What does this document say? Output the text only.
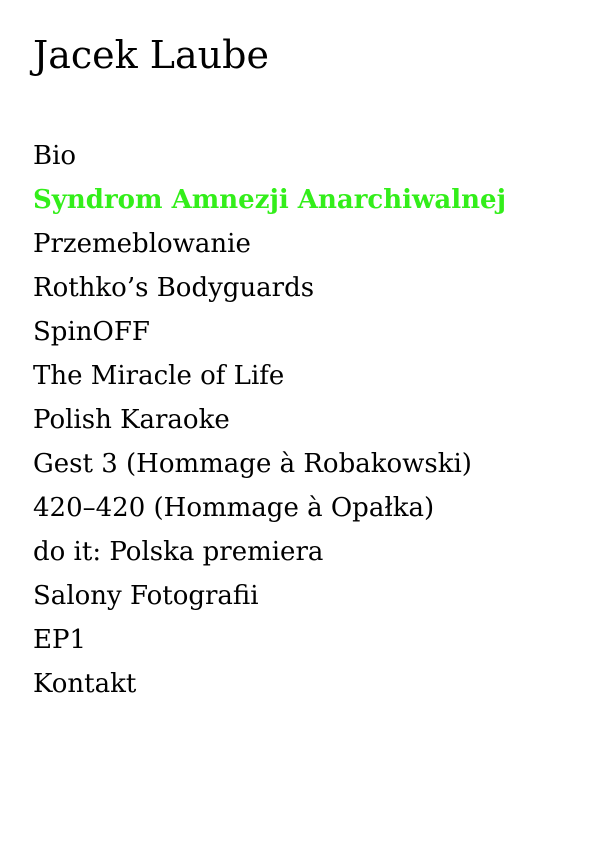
Jacek Laube
Bio
Syndrom Amnezji Anarchiwalnej
Przemeblowanie
Rothko’s Bodyguards
SpinOFF
The Miracle of Life
Polish Karaoke
Gest 3 (Hommage à Robakowski)
420–420 (Hommage à Opałka)
do it: Polska premiera
Salony Fotografii
EP1
Kontakt
